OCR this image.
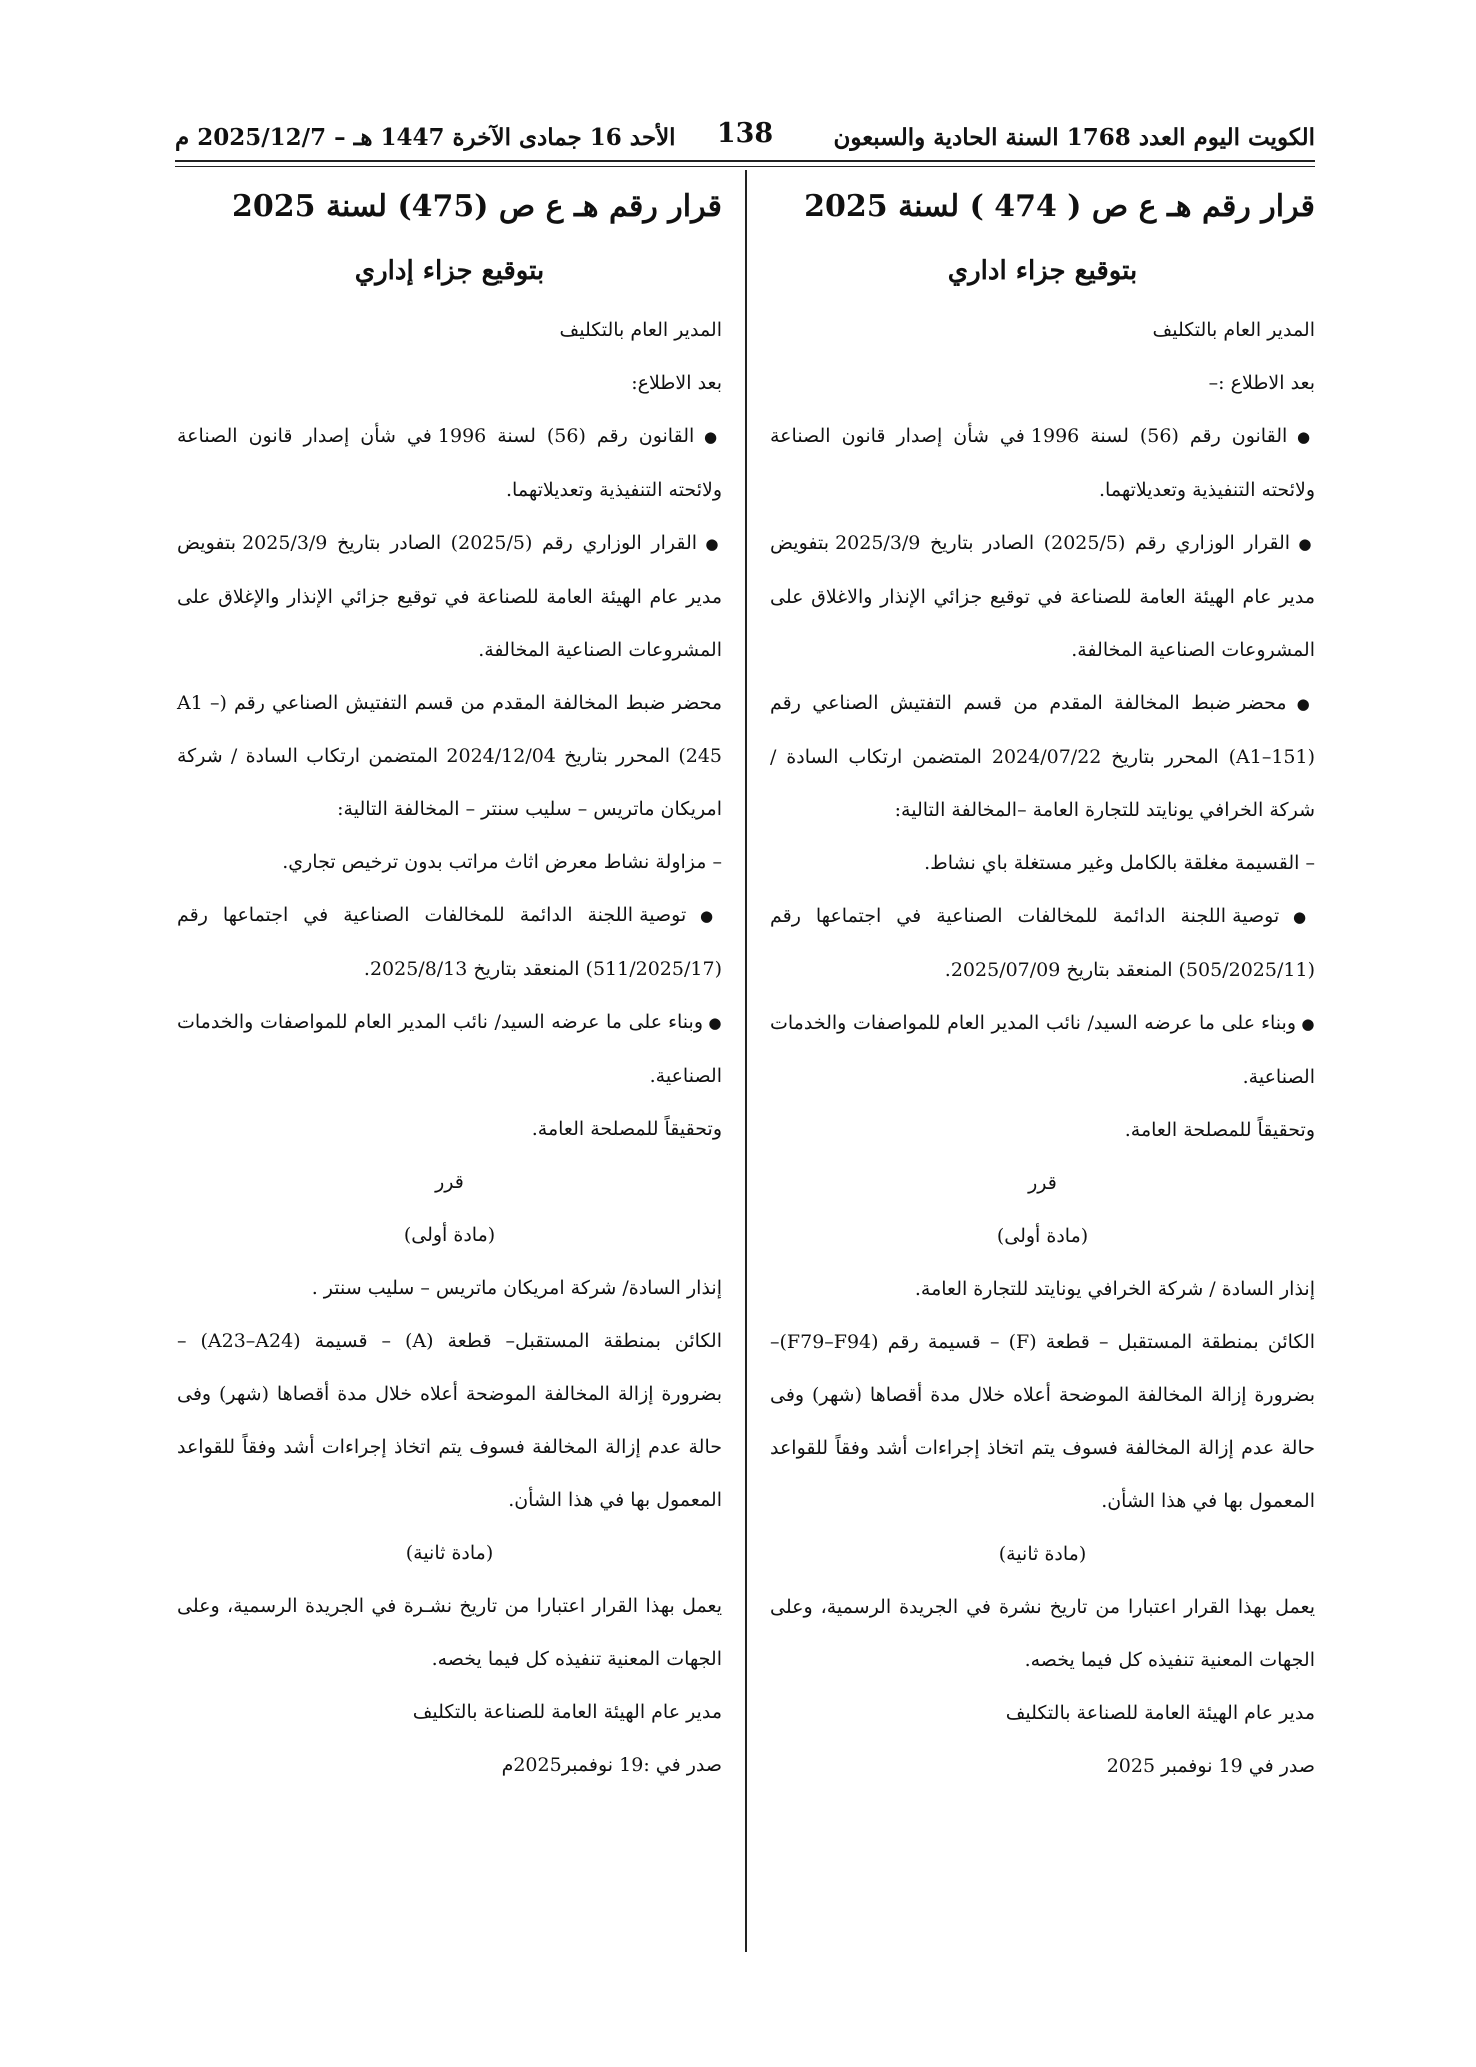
الكويت اليوم العدد 1768 السنة الحادية والسبعون
138
الأحد 16 جمادى الآخرة 1447 هـ – 2025/12/7 م

قرار رقم هـ ع ص ( 474 ) لسنة 2025

بتوقيع جزاء اداري

المدير العام بالتكليف

بعد الاطلاع :–

● القانون رقم (56) لسنة 1996 في شأن إصدار قانون الصناعة ولائحته التنفيذية وتعديلاتهما.

● القرار الوزاري رقم (2025/5) الصادر بتاريخ 2025/3/9 بتفويض مدير عام الهيئة العامة للصناعة في توقيع جزائي الإنذار والاغلاق على المشروعات الصناعية المخالفة.

● محضر ضبط المخالفة المقدم من قسم التفتيش الصناعي رقم (A1–151) المحرر بتاريخ 2024/07/22 المتضمن ارتكاب السادة / شركة الخرافي يونايتد للتجارة العامة –المخالفة التالية:

– القسيمة مغلقة بالكامل وغير مستغلة باي نشاط.

● توصية اللجنة الدائمة للمخالفات الصناعية في اجتماعها رقم (505/2025/11) المنعقد بتاريخ 2025/07/09.

● وبناء على ما عرضه السيد/ نائب المدير العام للمواصفات والخدمات الصناعية.

وتحقيقاً للمصلحة العامة.

قرر

(مادة أولى)

إنذار السادة / شركة الخرافي يونايتد للتجارة العامة.

الكائن بمنطقة المستقبل – قطعة (F) – قسيمة رقم (F79–F94)– بضرورة إزالة المخالفة الموضحة أعلاه خلال مدة أقصاها (شهر) وفى حالة عدم إزالة المخالفة فسوف يتم اتخاذ إجراءات أشد وفقاً للقواعد المعمول بها في هذا الشأن.

(مادة ثانية)

يعمل بهذا القرار اعتبارا من تاريخ نشرة في الجريدة الرسمية، وعلى الجهات المعنية تنفيذه كل فيما يخصه.

مدير عام الهيئة العامة للصناعة بالتكليف

صدر في 19 نوفمبر 2025

قرار رقم هـ ع ص (475) لسنة 2025

بتوقيع جزاء إداري

المدير العام بالتكليف

بعد الاطلاع:

● القانون رقم (56) لسنة 1996 في شأن إصدار قانون الصناعة ولائحته التنفيذية وتعديلاتهما.

● القرار الوزاري رقم (2025/5) الصادر بتاريخ 2025/3/9 بتفويض مدير عام الهيئة العامة للصناعة في توقيع جزائي الإنذار والإغلاق على المشروعات الصناعية المخالفة.

محضر ضبط المخالفة المقدم من قسم التفتيش الصناعي رقم (A1 –245) المحرر بتاريخ 2024/12/04 المتضمن ارتكاب السادة / شركة امريكان ماتريس – سليب سنتر – المخالفة التالية:

– مزاولة نشاط معرض اثاث مراتب بدون ترخيص تجاري.

● توصية اللجنة الدائمة للمخالفات الصناعية في اجتماعها رقم (511/2025/17) المنعقد بتاريخ 2025/8/13.

● وبناء على ما عرضه السيد/ نائب المدير العام للمواصفات والخدمات الصناعية.

وتحقيقاً للمصلحة العامة.

قرر

(مادة أولى)

إنذار السادة/ شركة امريكان ماتريس – سليب سنتر .

الكائن بمنطقة المستقبل– قطعة (A) – قسيمة (A23–A24) – بضرورة إزالة المخالفة الموضحة أعلاه خلال مدة أقصاها (شهر) وفى حالة عدم إزالة المخالفة فسوف يتم اتخاذ إجراءات أشد وفقاً للقواعد المعمول بها في هذا الشأن.

(مادة ثانية)

يعمل بهذا القرار اعتبارا من تاريخ نشـرة في الجريدة الرسمية، وعلى الجهات المعنية تنفيذه كل فيما يخصه.

مدير عام الهيئة العامة للصناعة بالتكليف

صدر في :19 نوفمبر2025م
